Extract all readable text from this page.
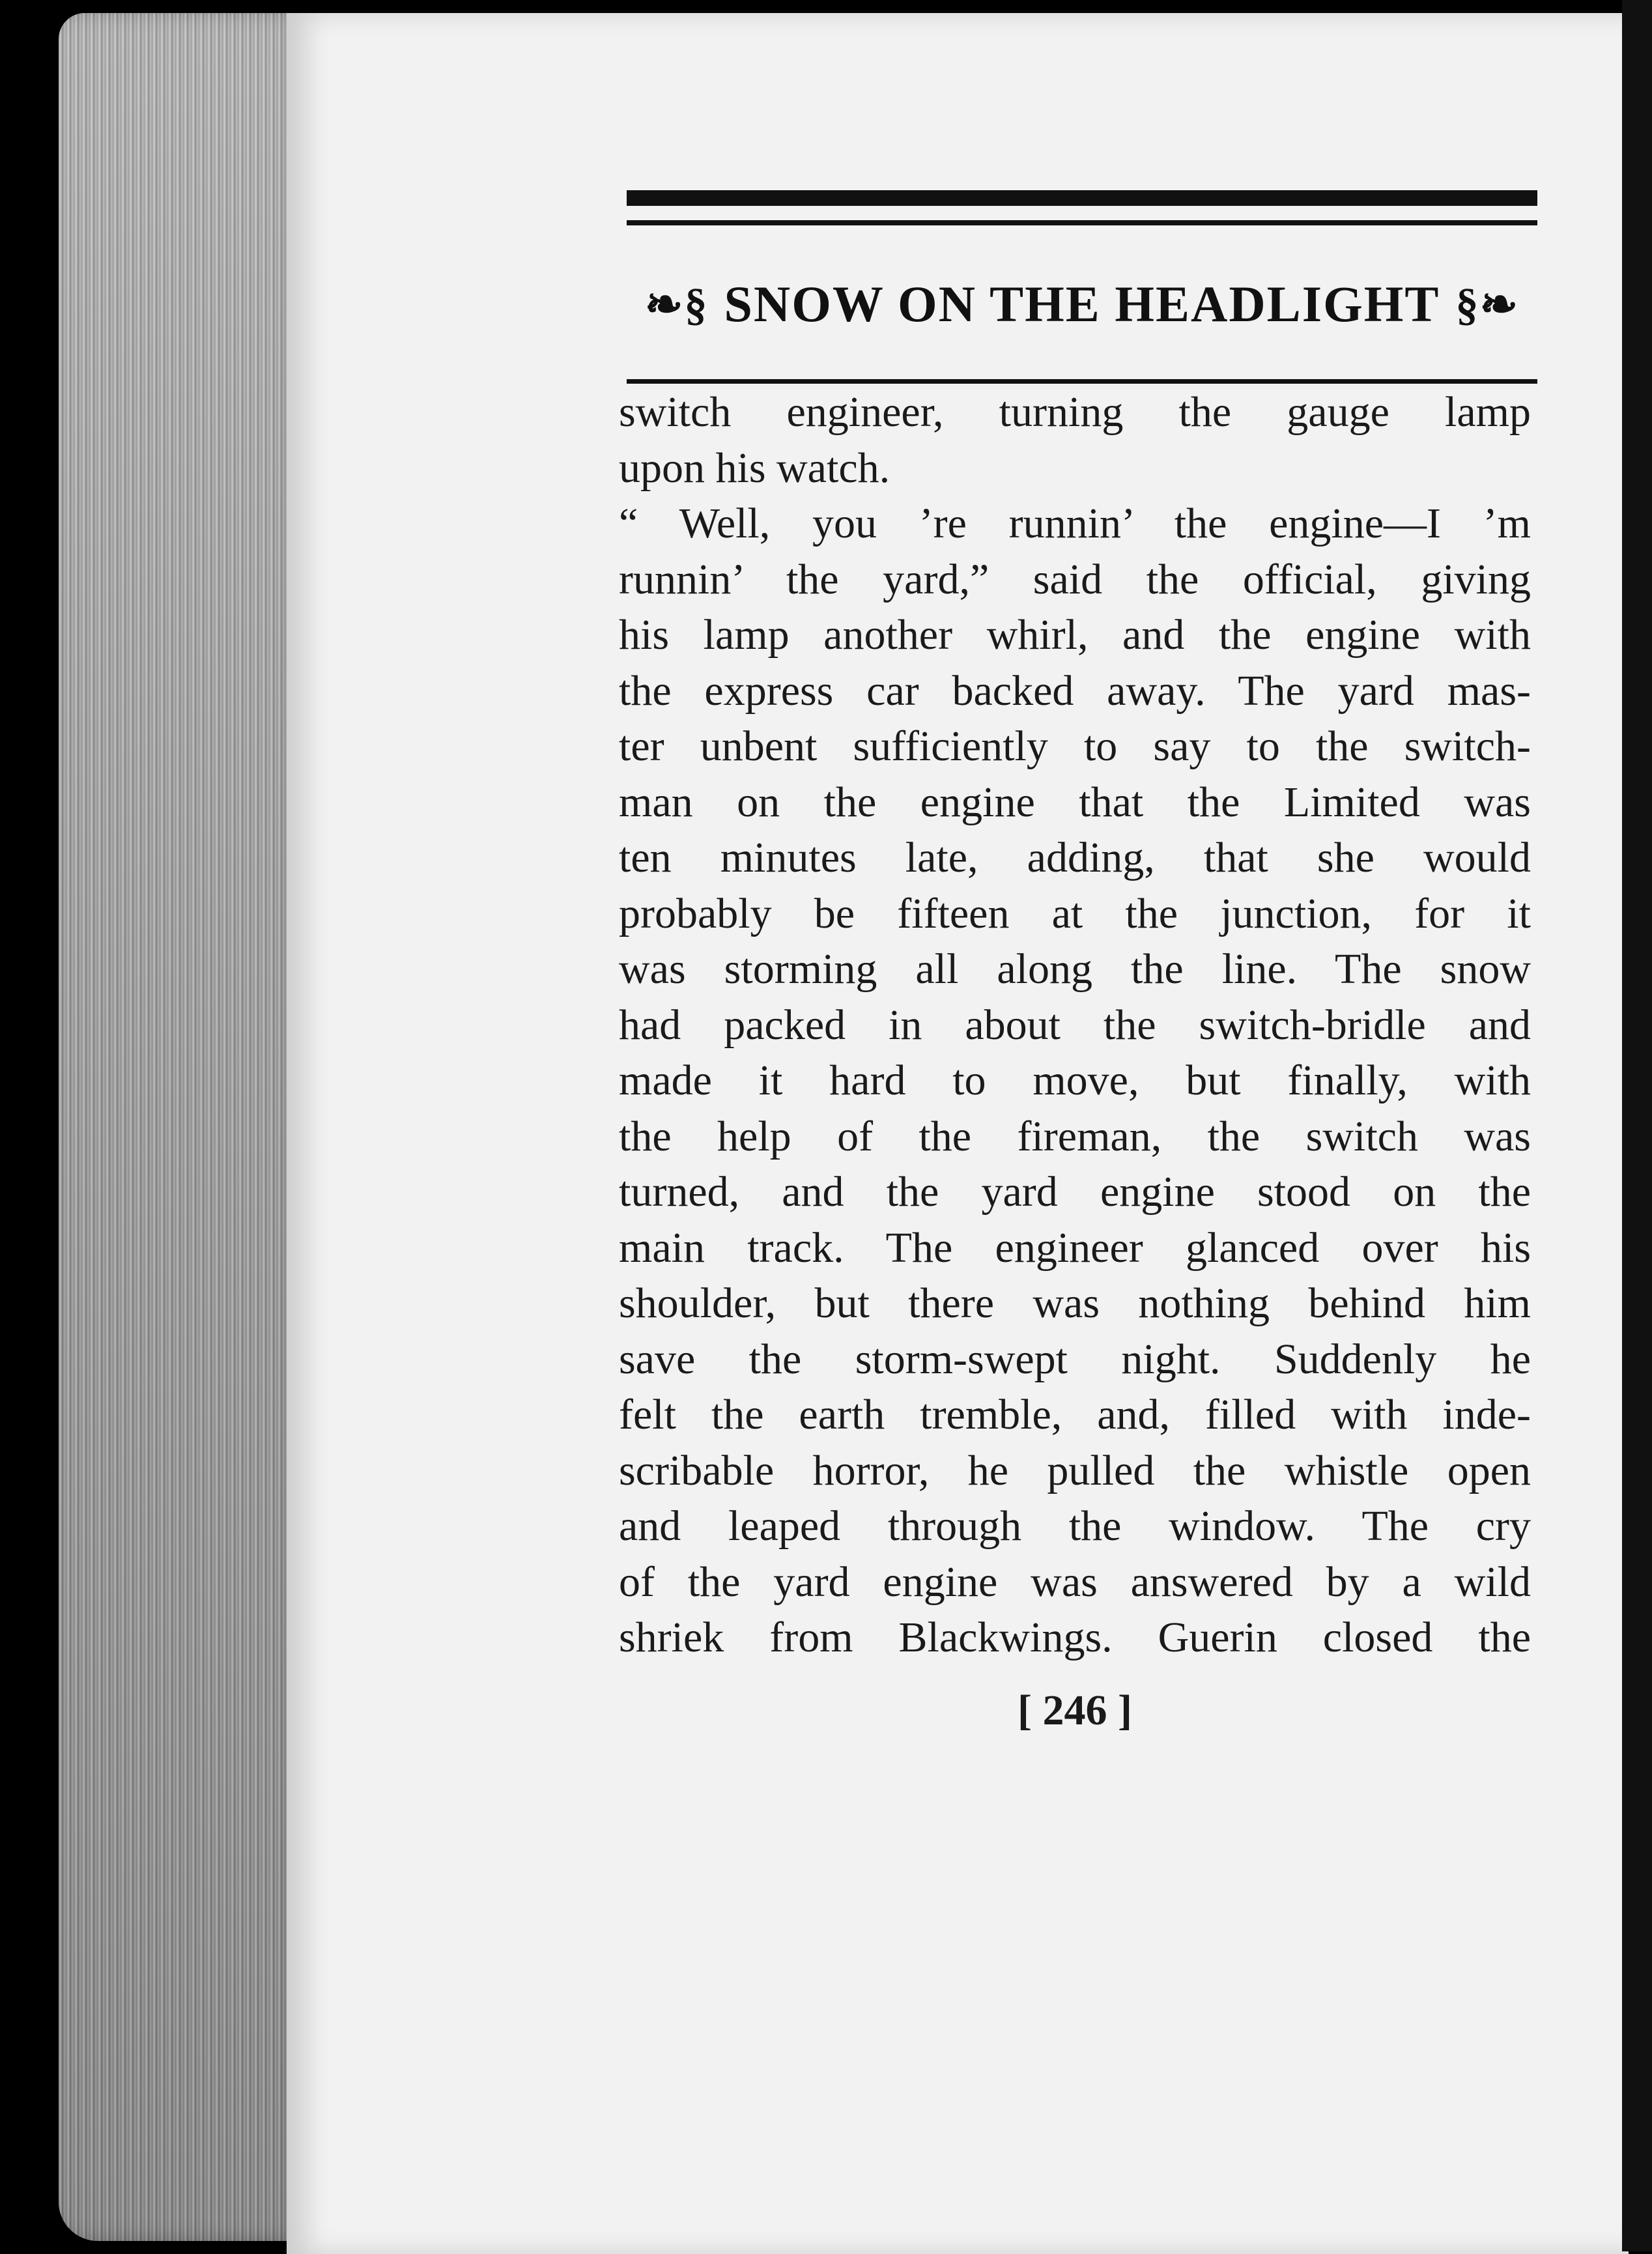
❧§ SNOW ON THE HEADLIGHT §❧
switch engineer, turning the gauge lamp
upon his watch.
“ Well, you ’re runnin’ the engine—I ’m
runnin’ the yard,” said the official, giving
his lamp another whirl, and the engine with
the express car backed away. The yard mas-
ter unbent sufficiently to say to the switch-
man on the engine that the Limited was
ten minutes late, adding, that she would
probably be fifteen at the junction, for it
was storming all along the line. The snow
had packed in about the switch-bridle and
made it hard to move, but finally, with
the help of the fireman, the switch was
turned, and the yard engine stood on the
main track. The engineer glanced over his
shoulder, but there was nothing behind him
save the storm-swept night. Suddenly he
felt the earth tremble, and, filled with inde-
scribable horror, he pulled the whistle open
and leaped through the window. The cry
of the yard engine was answered by a wild
shriek from Blackwings. Guerin closed the
[ 246 ]
